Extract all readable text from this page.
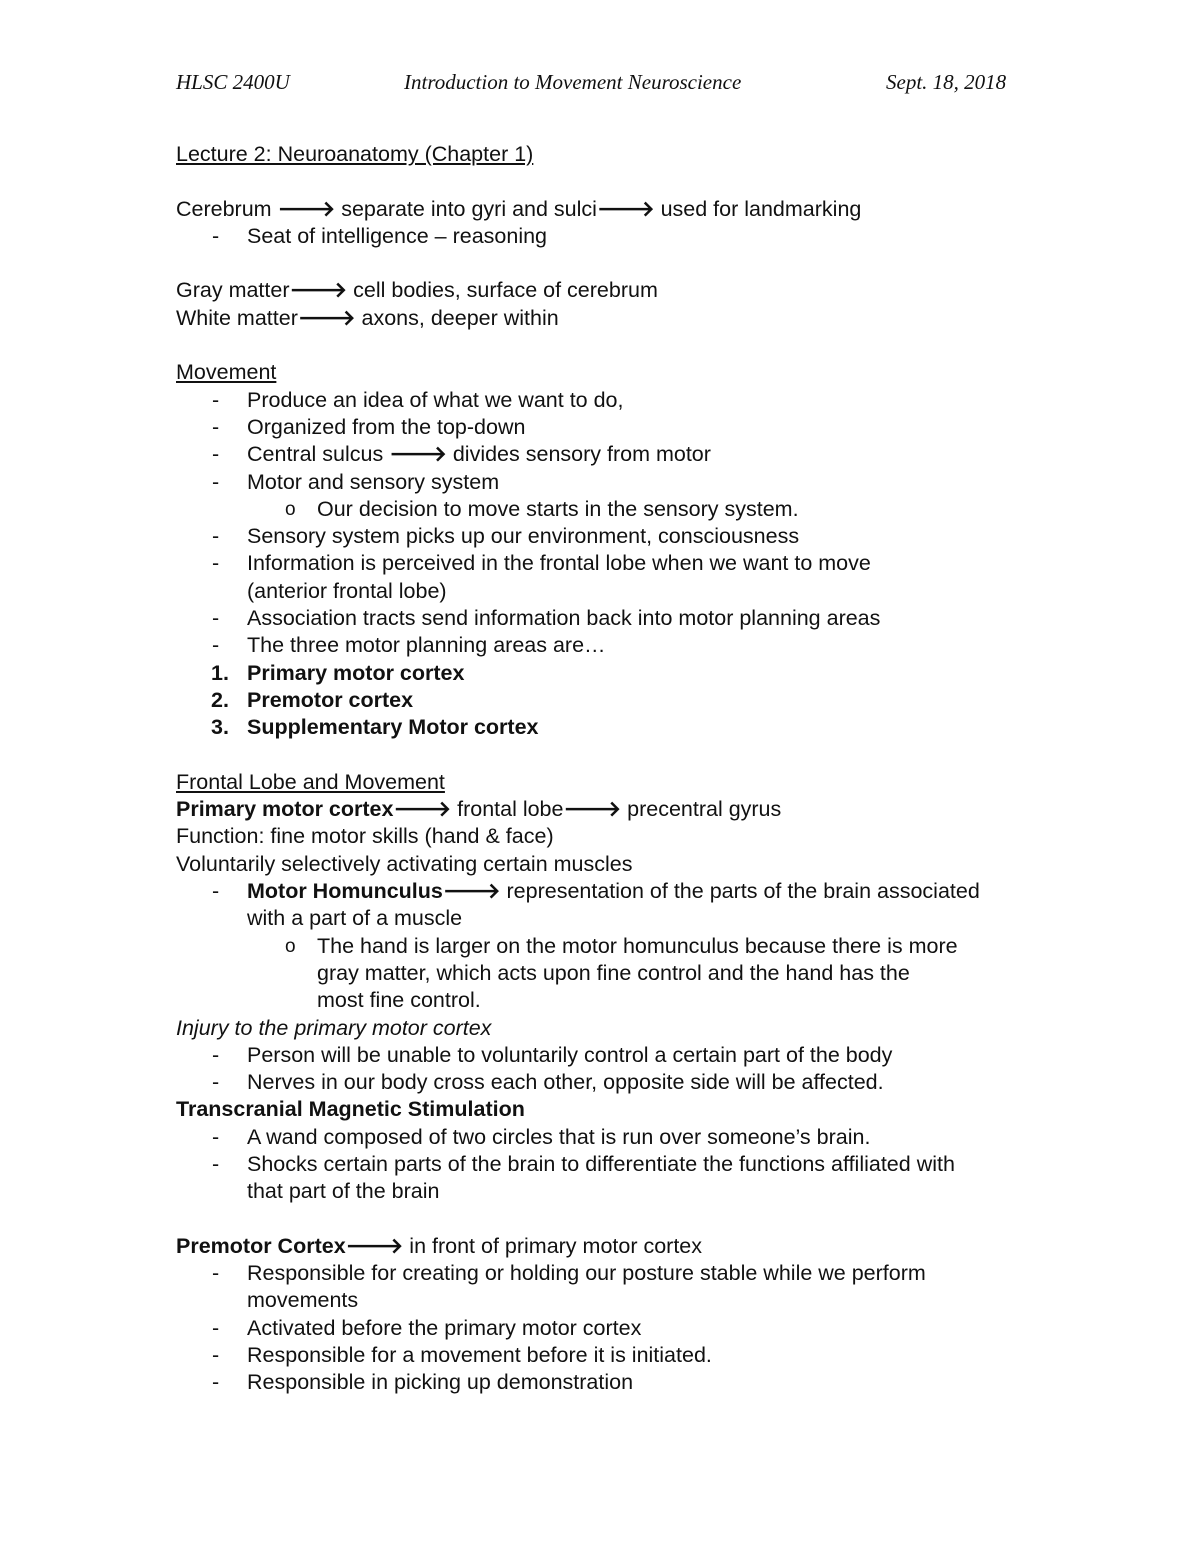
HLSC 2400U	Introduction to Movement Neuroscience	Sept. 18, 2018
Lecture 2: Neuroanatomy (Chapter 1)
Cerebrum 🡒 separate into gyri and sulci🡒 used for landmarking
- Seat of intelligence – reasoning
Gray matter🡒 cell bodies, surface of cerebrum
White matter🡒 axons, deeper within
Movement
- Produce an idea of what we want to do,
- Organized from the top-down
- Central sulcus 🡒 divides sensory from motor
- Motor and sensory system
o Our decision to move starts in the sensory system.
- Sensory system picks up our environment, consciousness
- Information is perceived in the frontal lobe when we want to move
(anterior frontal lobe)
- Association tracts send information back into motor planning areas
- The three motor planning areas are…
1. Primary motor cortex
2. Premotor cortex
3. Supplementary Motor cortex
Frontal Lobe and Movement
Primary motor cortex🡒 frontal lobe🡒 precentral gyrus
Function: fine motor skills (hand & face)
Voluntarily selectively activating certain muscles
- Motor Homunculus🡒 representation of the parts of the brain associated
with a part of a muscle
o The hand is larger on the motor homunculus because there is more
gray matter, which acts upon fine control and the hand has the
most fine control.
Injury to the primary motor cortex
- Person will be unable to voluntarily control a certain part of the body
- Nerves in our body cross each other, opposite side will be affected.
Transcranial Magnetic Stimulation
- A wand composed of two circles that is run over someone’s brain.
- Shocks certain parts of the brain to differentiate the functions affiliated with
that part of the brain
Premotor Cortex🡒 in front of primary motor cortex
- Responsible for creating or holding our posture stable while we perform
movements
- Activated before the primary motor cortex
- Responsible for a movement before it is initiated.
- Responsible in picking up demonstration
